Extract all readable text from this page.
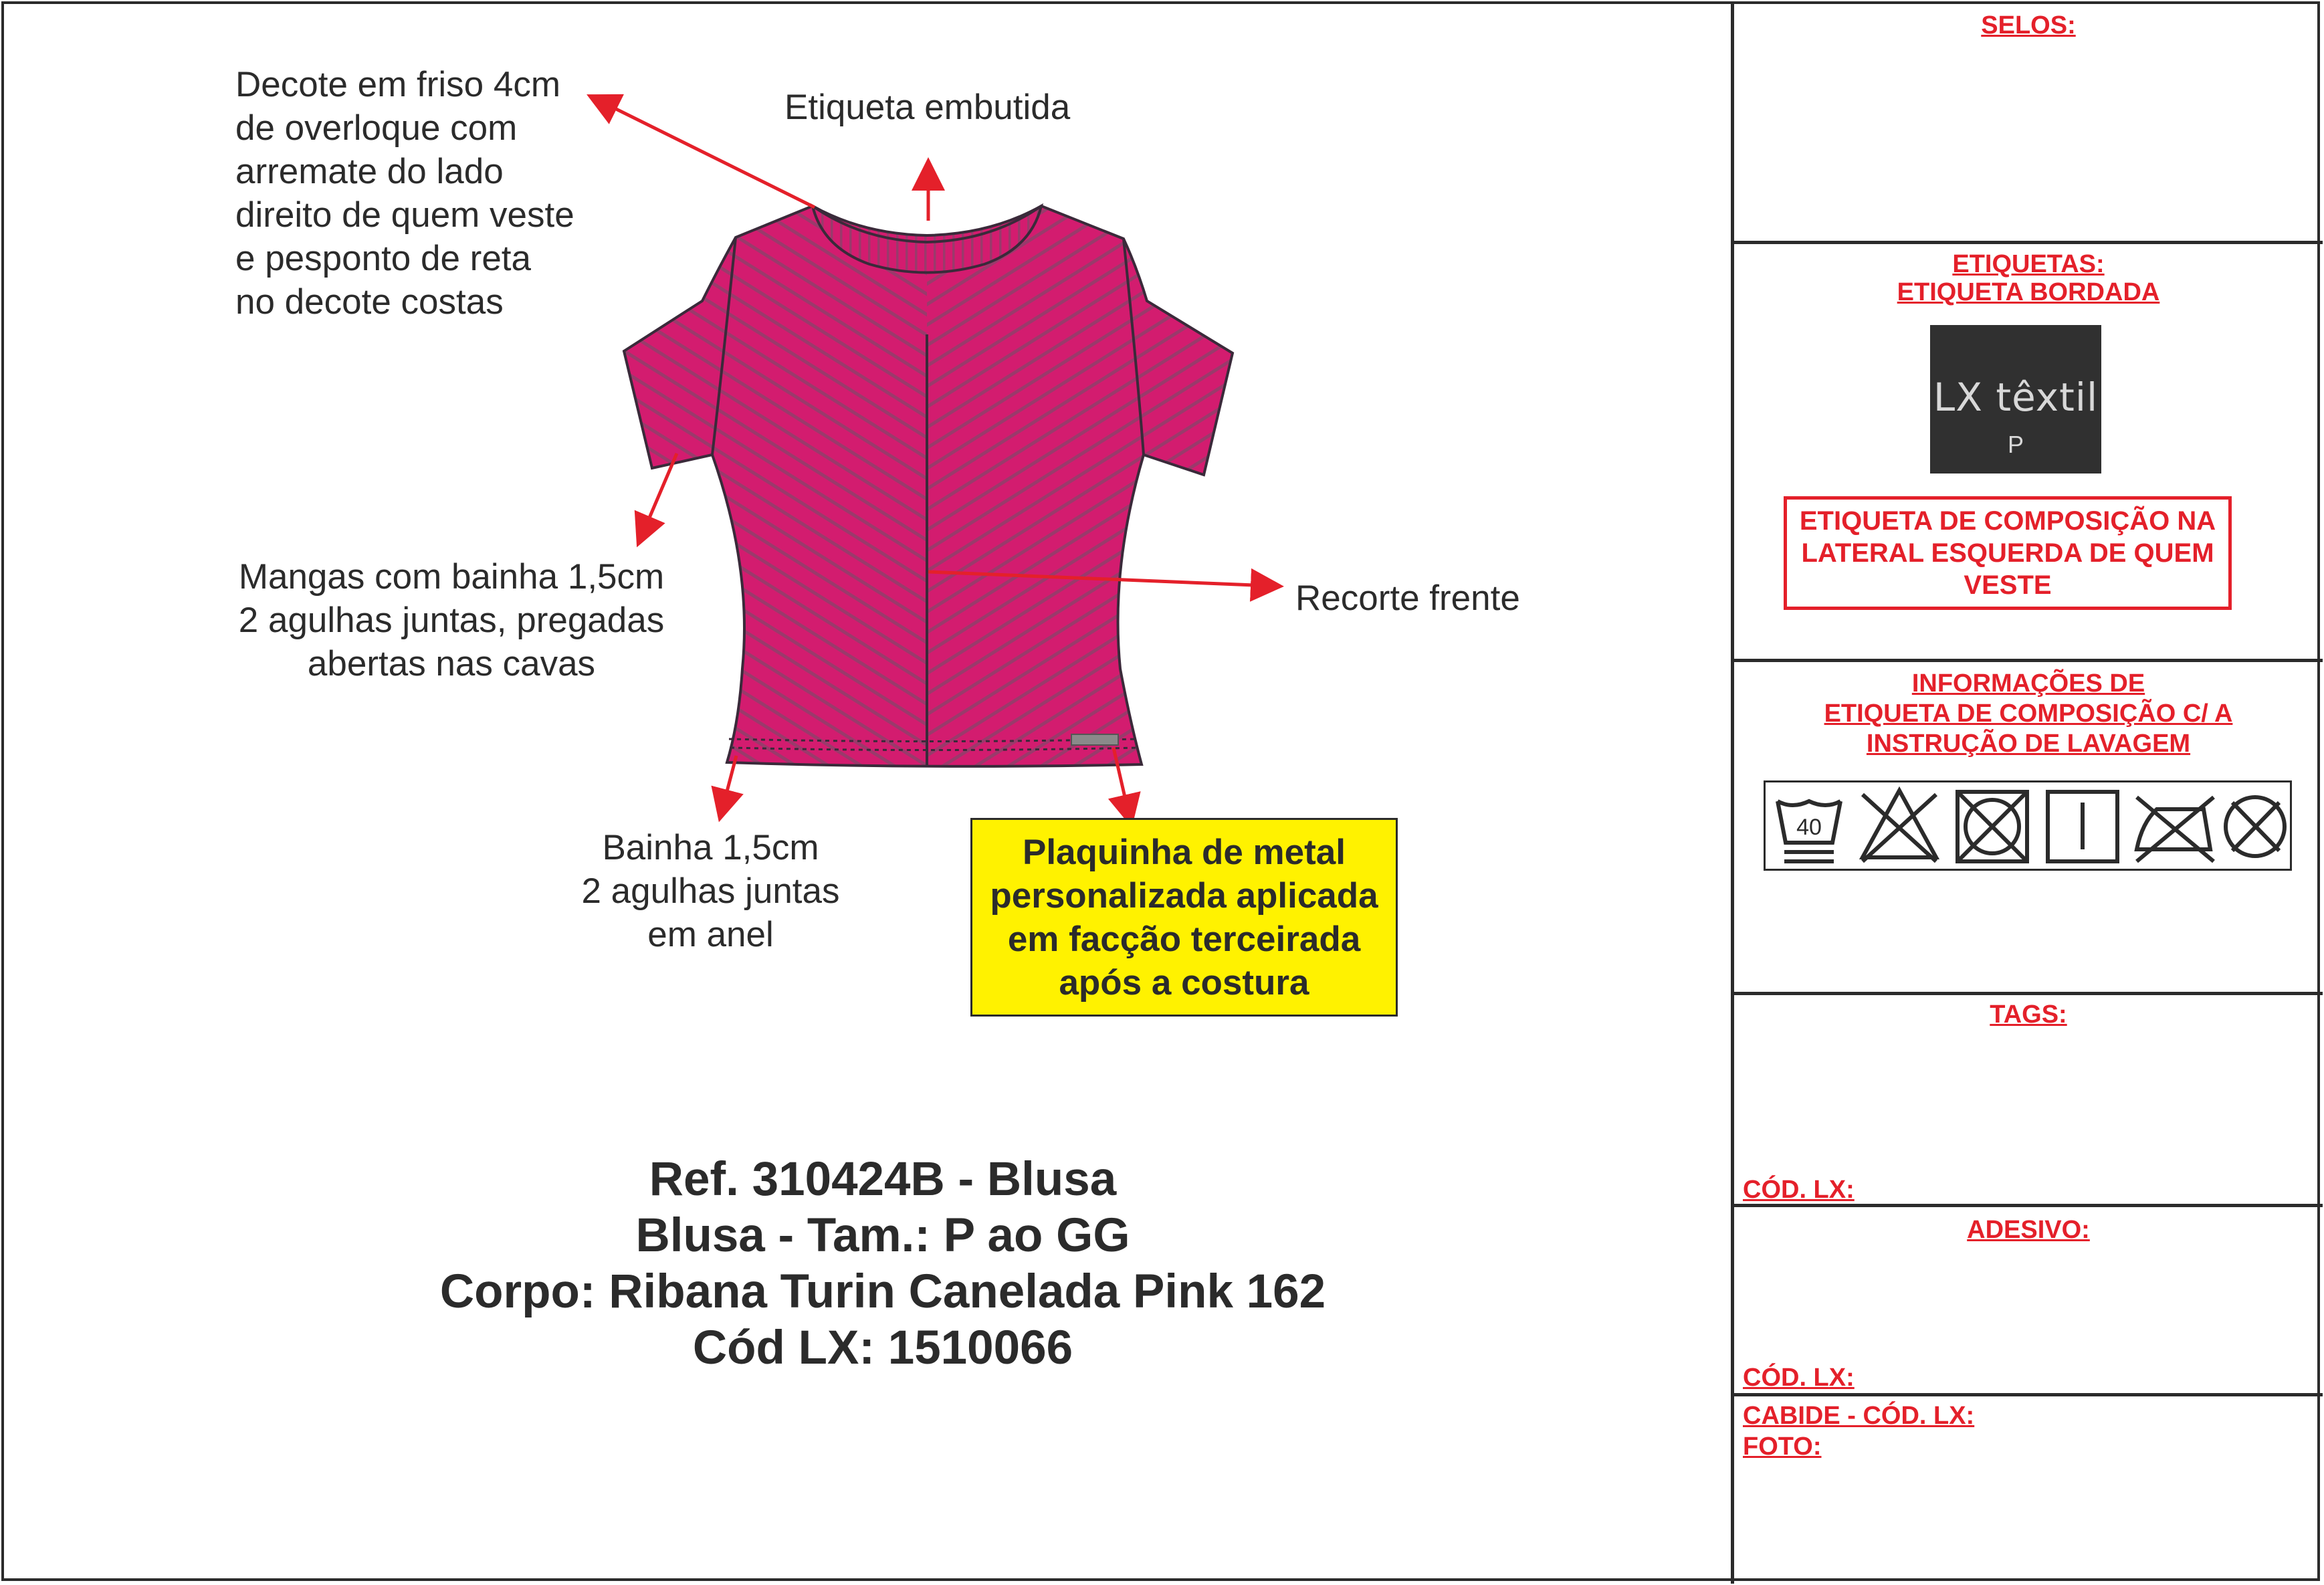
Decote em friso 4cm
de overloque com
arremate do lado
direito de quem veste
e pesponto de reta
no decote costas
Etiqueta embutida
Mangas com bainha 1,5cm
2 agulhas juntas, pregadas
abertas nas cavas
Recorte frente
Bainha 1,5cm
2 agulhas juntas
em anel
Plaquinha de metal
personalizada aplicada
em facção terceirada
após a costura
Ref. 310424B - Blusa
Blusa - Tam.: P ao GG
Corpo: Ribana Turin Canelada Pink 162
Cód LX: 1510066
SELOS:
ETIQUETAS:
ETIQUETA BORDADA
LX têxtil
P
ETIQUETA DE COMPOSIÇÃO NA
LATERAL ESQUERDA DE QUEM
VESTE
INFORMAÇÕES DE
ETIQUETA DE COMPOSIÇÃO C/ A
INSTRUÇÃO DE LAVAGEM
40
TAGS:
CÓD. LX:
ADESIVO:
CÓD. LX:
CABIDE - CÓD. LX:
FOTO:
